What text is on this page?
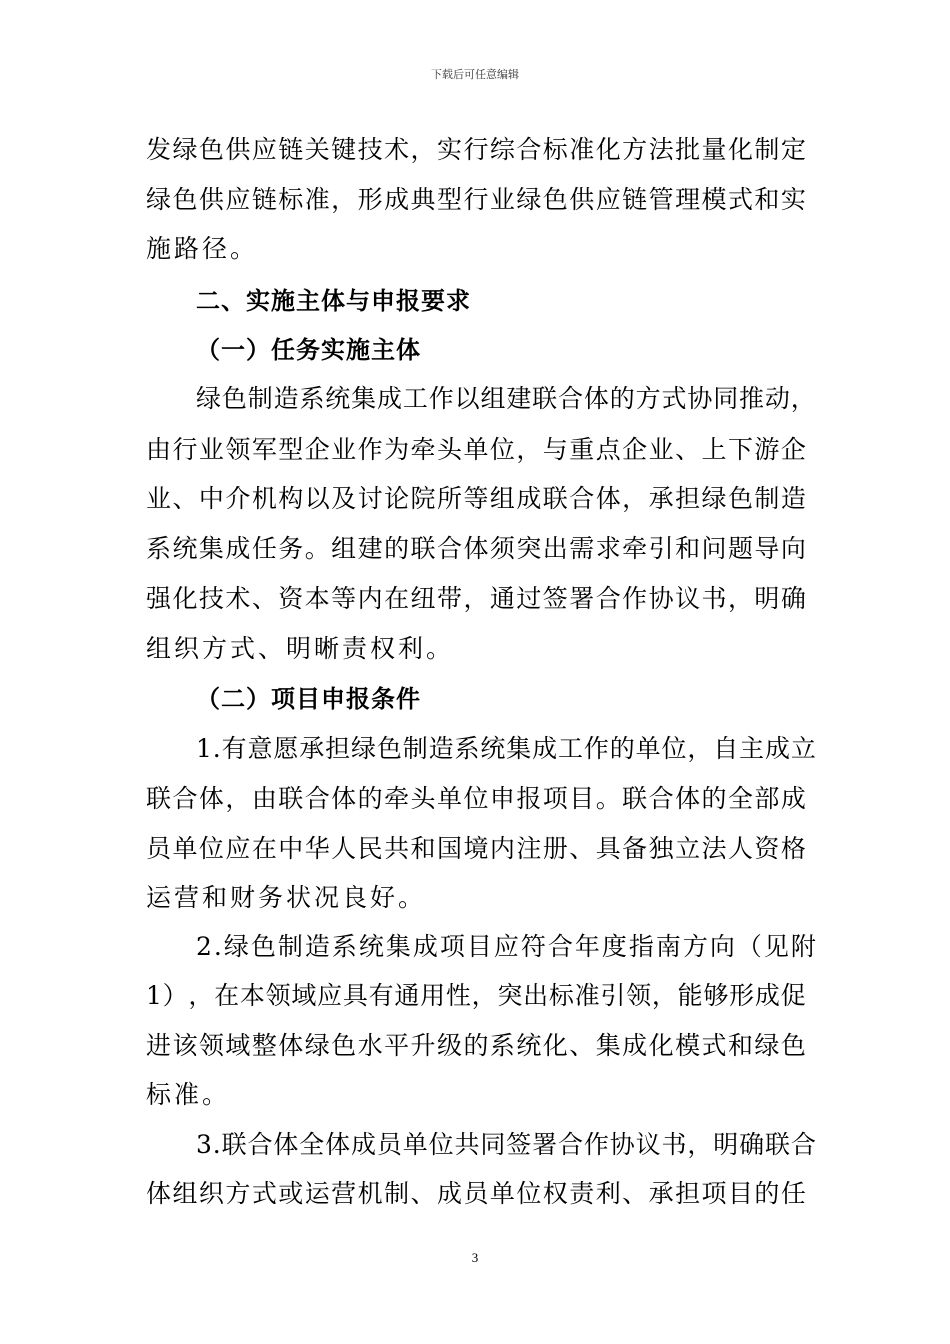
下载后可任意编辑
发 绿 色 供 应 链 关 键 技 术 ， 实 行 综 合 标 准 化 方 法 批 量 化 制 定
绿 色 供 应 链 标 准 ， 形 成 典 型 行 业 绿 色 供 应 链 管 理 模 式 和 实
施路径。
二、实施主体与申报要求
（一）任务实施主体
绿 色 制 造 系 统 集 成 工 作 以 组 建 联 合 体 的 方 式 协 同 推 动 ，
由 行 业 领 军 型 企 业 作 为 牵 头 单 位 ， 与 重 点 企 业 、 上 下 游 企
业 、 中 介 机 构 以 及 讨 论 院 所 等 组 成 联 合 体 ， 承 担 绿 色 制 造
系 统 集 成 任 务 。 组 建 的 联 合 体 须 突 出 需 求 牵 引 和 问 题 导 向
强 化 技 术 、 资 本 等 内 在 纽 带 ， 通 过 签 署 合 作 协 议 书 ， 明 确
组织方式、明晰责权利。
（二）项目申报条件
1 . 有 意 愿 承 担 绿 色 制 造 系 统 集 成 工 作 的 单 位 ， 自 主 成 立
联 合 体 ， 由 联 合 体 的 牵 头 单 位 申 报 项 目 。 联 合 体 的 全 部 成
员 单 位 应 在 中 华 人 民 共 和 国 境 内 注 册 、 具 备 独 立 法 人 资 格
运营和财务状况良好。
2 . 绿 色 制 造 系 统 集 成 项 目 应 符 合 年 度 指 南 方 向 （ 见 附
1 ） ， 在 本 领 域 应 具 有 通 用 性 ， 突 出 标 准 引 领 ， 能 够 形 成 促
进 该 领 域 整 体 绿 色 水 平 升 级 的 系 统 化 、 集 成 化 模 式 和 绿 色
标准。
3 . 联 合 体 全 体 成 员 单 位 共 同 签 署 合 作 协 议 书 ， 明 确 联 合
体 组 织 方 式 或 运 营 机 制 、 成 员 单 位 权 责 利 、 承 担 项 目 的 任
3
